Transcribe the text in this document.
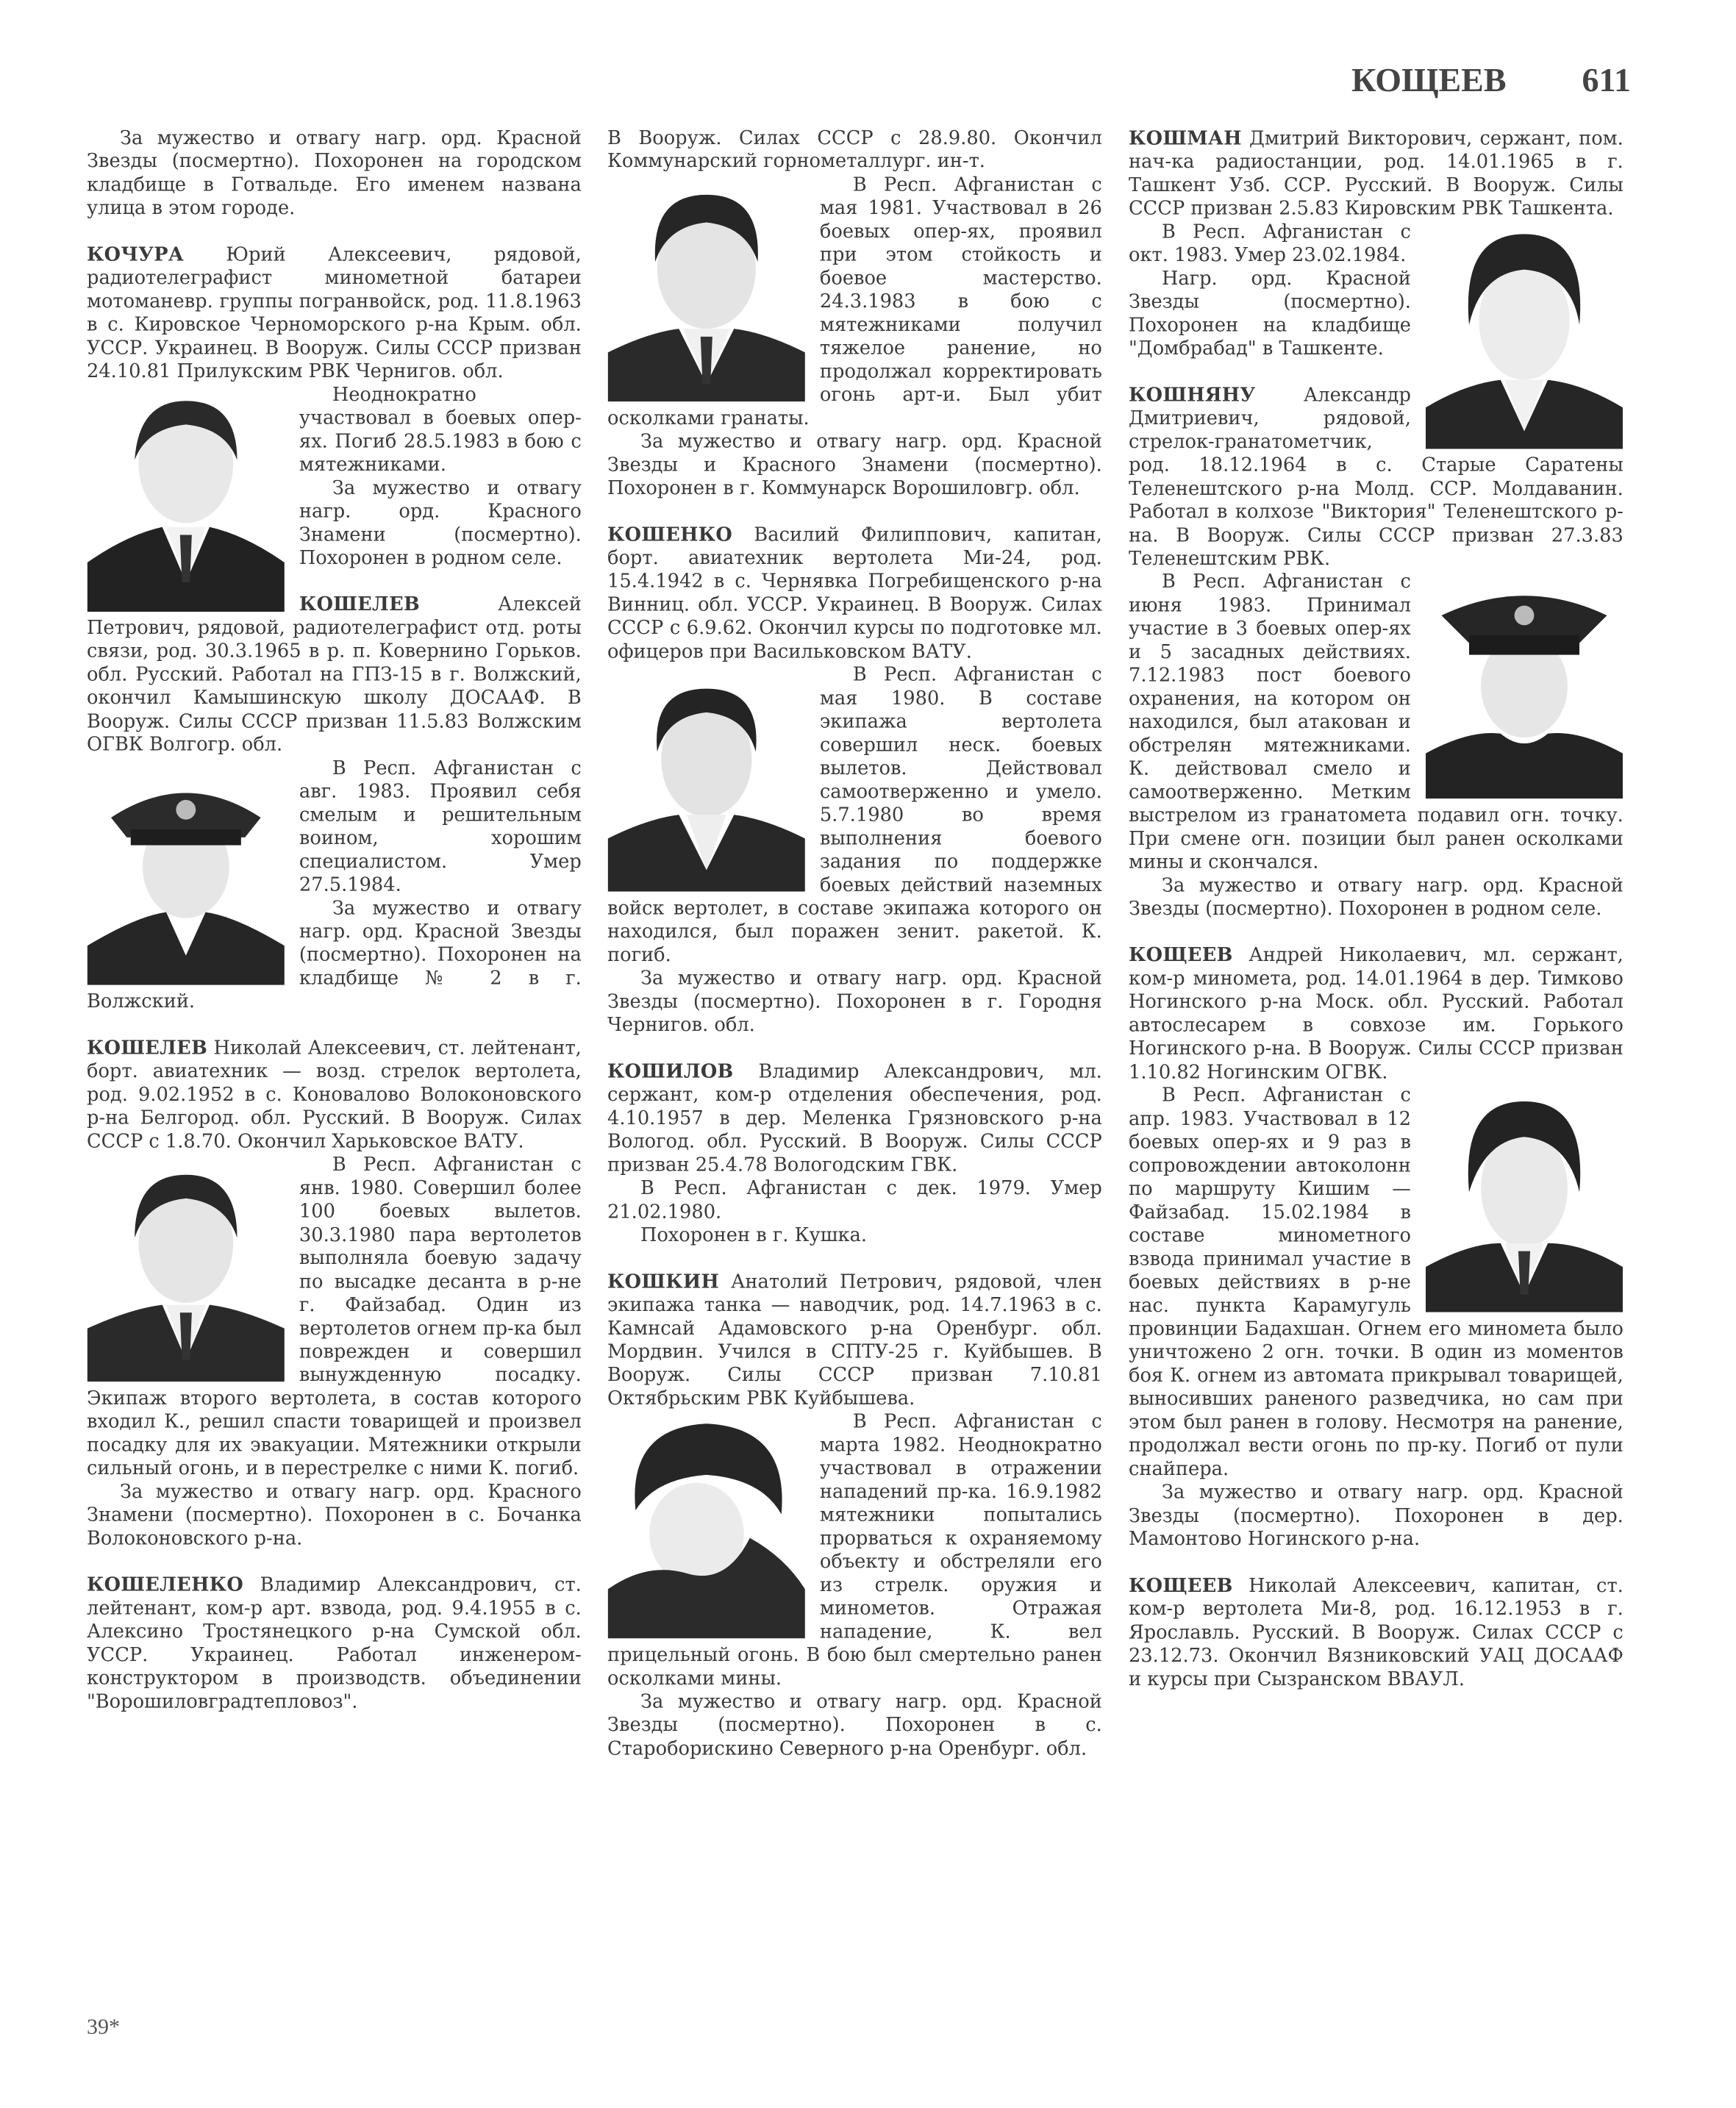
КОЩЕЕВ 611

За мужество и отвагу нагр. орд. Красной Звезды (посмертно). Похоронен на городском кладбище в Готвальде. Его именем названа улица в этом городе.

КОЧУРА Юрий Алексеевич, рядовой, радиотелеграфист минометной батареи мотоманевр. группы погранвойск, род. 11.8.1963 в с. Кировское Черноморского р-на Крым. обл. УССР. Украинец. В Вооруж. Силы СССР призван 24.10.81 Прилукским РВК Чернигов. обл.

Неоднократно участвовал в боевых опер-ях. Погиб 28.5.1983 в бою с мятежниками.

За мужество и отвагу нагр. орд. Красного Знамени (посмертно). Похоронен в родном селе.

КОШЕЛЕВ Алексей Петрович, рядовой, радиотелеграфист отд. роты связи, род. 30.3.1965 в р. п. Ковернино Горьков. обл. Русский. Работал на ГПЗ-15 в г. Волжский, окончил Камышинскую школу ДОСААФ. В Вооруж. Силы СССР призван 11.5.83 Волжским ОГВК Волгогр. обл.

В Респ. Афганистан с авг. 1983. Проявил себя смелым и решительным воином, хорошим специалистом. Умер 27.5.1984.

За мужество и отвагу нагр. орд. Красной Звезды (посмертно). Похоронен на кладбище № 2 в г. Волжский.

КОШЕЛЕВ Николай Алексеевич, ст. лейтенант, борт. авиатехник — возд. стрелок вертолета, род. 9.02.1952 в с. Коновалово Волоконовского р-на Белгород. обл. Русский. В Вооруж. Силах СССР с 1.8.70. Окончил Харьковское ВАТУ.

В Респ. Афганистан с янв. 1980. Совершил более 100 боевых вылетов. 30.3.1980 пара вертолетов выполняла боевую задачу по высадке десанта в р-не г. Файзабад. Один из вертолетов огнем пр-ка был поврежден и совершил вынужденную посадку. Экипаж второго вертолета, в состав которого входил К., решил спасти товарищей и произвел посадку для их эвакуации. Мятежники открыли сильный огонь, и в перестрелке с ними К. погиб.

За мужество и отвагу нагр. орд. Красного Знамени (посмертно). Похоронен в с. Бочанка Волоконовского р-на.

КОШЕЛЕНКО Владимир Александрович, ст. лейтенант, ком-р арт. взвода, род. 9.4.1955 в с. Алексино Тростянецкого р-на Сумской обл. УССР. Украинец. Работал инженером-конструктором в производств. объединении "Ворошиловградтепловоз".

В Вооруж. Силах СССР с 28.9.80. Окончил Коммунарский горнометаллург. ин-т.

В Респ. Афганистан с мая 1981. Участвовал в 26 боевых опер-ях, проявил при этом стойкость и боевое мастерство. 24.3.1983 в бою с мятежниками получил тяжелое ранение, но продолжал корректировать огонь арт-и. Был убит осколками гранаты.

За мужество и отвагу нагр. орд. Красной Звезды и Красного Знамени (посмертно). Похоронен в г. Коммунарск Ворошиловгр. обл.

КОШЕНКО Василий Филиппович, капитан, борт. авиатехник вертолета Ми-24, род. 15.4.1942 в с. Чернявка Погребищенского р-на Винниц. обл. УССР. Украинец. В Вооруж. Силах СССР с 6.9.62. Окончил курсы по подготовке мл. офицеров при Васильковском ВАТУ.

В Респ. Афганистан с мая 1980. В составе экипажа вертолета совершил неск. боевых вылетов. Действовал самоотверженно и умело. 5.7.1980 во время выполнения боевого задания по поддержке боевых действий наземных войск вертолет, в составе экипажа которого он находился, был поражен зенит. ракетой. К. погиб.

За мужество и отвагу нагр. орд. Красной Звезды (посмертно). Похоронен в г. Городня Чернигов. обл.

КОШИЛОВ Владимир Александрович, мл. сержант, ком-р отделения обеспечения, род. 4.10.1957 в дер. Меленка Грязновского р-на Вологод. обл. Русский. В Вооруж. Силы СССР призван 25.4.78 Вологодским ГВК.

В Респ. Афганистан с дек. 1979. Умер 21.02.1980.

Похоронен в г. Кушка.

КОШКИН Анатолий Петрович, рядовой, член экипажа танка — наводчик, род. 14.7.1963 в с. Камнсай Адамовского р-на Оренбург. обл. Мордвин. Учился в СПТУ-25 г. Куйбышев. В Вооруж. Силы СССР призван 7.10.81 Октябрьским РВК Куйбышева.

В Респ. Афганистан с марта 1982. Неоднократно участвовал в отражении нападений пр-ка. 16.9.1982 мятежники попытались прорваться к охраняемому объекту и обстреляли его из стрелк. оружия и минометов. Отражая нападение, К. вел прицельный огонь. В бою был смертельно ранен осколками мины.

За мужество и отвагу нагр. орд. Красной Звезды (посмертно). Похоронен в с. Староборискино Северного р-на Оренбург. обл.

КОШМАН Дмитрий Викторович, сержант, пом. нач-ка радиостанции, род. 14.01.1965 в г. Ташкент Узб. ССР. Русский. В Вооруж. Силы СССР призван 2.5.83 Кировским РВК Ташкента.

В Респ. Афганистан с окт. 1983. Умер 23.02.1984.

Нагр. орд. Красной Звезды (посмертно). Похоронен на кладбище "Домбрабад" в Ташкенте.

КОШНЯНУ Александр Дмитриевич, рядовой, стрелок-гранатометчик, род. 18.12.1964 в с. Старые Саратены Теленештского р-на Молд. ССР. Молдаванин. Работал в колхозе "Виктория" Теленештского р-на. В Вооруж. Силы СССР призван 27.3.83 Теленештским РВК.

В Респ. Афганистан с июня 1983. Принимал участие в 3 боевых опер-ях и 5 засадных действиях. 7.12.1983 пост боевого охранения, на котором он находился, был атакован и обстрелян мятежниками. К. действовал смело и самоотверженно. Метким выстрелом из гранатомета подавил огн. точку. При смене огн. позиции был ранен осколками мины и скончался.

За мужество и отвагу нагр. орд. Красной Звезды (посмертно). Похоронен в родном селе.

КОЩЕЕВ Андрей Николаевич, мл. сержант, ком-р миномета, род. 14.01.1964 в дер. Тимково Ногинского р-на Моск. обл. Русский. Работал автослесарем в совхозе им. Горького Ногинского р-на. В Вооруж. Силы СССР призван 1.10.82 Ногинским ОГВК.

В Респ. Афганистан с апр. 1983. Участвовал в 12 боевых опер-ях и 9 раз в сопровождении автоколонн по маршруту Кишим — Файзабад. 15.02.1984 в составе минометного взвода принимал участие в боевых действиях в р-не нас. пункта Карамугуль провинции Бадахшан. Огнем его миномета было уничтожено 2 огн. точки. В один из моментов боя К. огнем из автомата прикрывал товарищей, выносивших раненого разведчика, но сам при этом был ранен в голову. Несмотря на ранение, продолжал вести огонь по пр-ку. Погиб от пули снайпера.

За мужество и отвагу нагр. орд. Красной Звезды (посмертно). Похоронен в дер. Мамонтово Ногинского р-на.

КОЩЕЕВ Николай Алексеевич, капитан, ст. ком-р вертолета Ми-8, род. 16.12.1953 в г. Ярославль. Русский. В Вооруж. Силах СССР с 23.12.73. Окончил Вязниковский УАЦ ДОСААФ и курсы при Сызранском ВВАУЛ.

39*
